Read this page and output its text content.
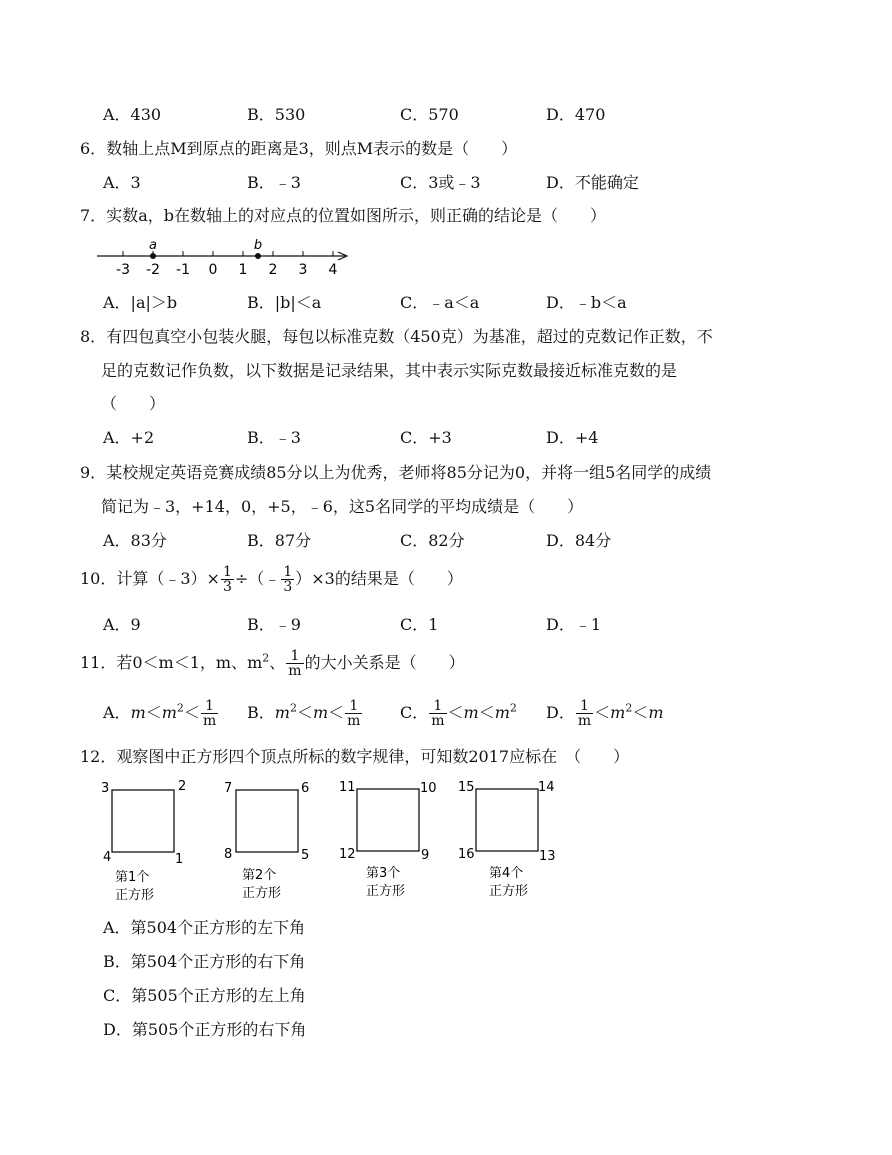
A．430	B．530	C．570	D．470
6．数轴上点M到原点的距离是3，则点M表示的数是（　　）
A．3	B．﹣3	C．3或﹣3	D．不能确定
7．实数a，b在数轴上的对应点的位置如图所示，则正确的结论是（　　）
-3 -2 -1 0 1 2 3 4
a	b
A．|a|＞b	B．|b|＜a	C．﹣a＜a	D．﹣b＜a
8．有四包真空小包装火腿，每包以标准克数（450克）为基准，超过的克数记作正数，不
足的克数记作负数，以下数据是记录结果，其中表示实际克数最接近标准克数的是
（　　）
A．+2	B．﹣3	C．+3	D．+4
9．某校规定英语竞赛成绩85分以上为优秀，老师将85分记为0，并将一组5名同学的成绩
简记为﹣3，+14，0，+5，﹣6，这5名同学的平均成绩是（　　）
A．83分	B．87分	C．82分	D．84分
10．计算（﹣3）× $\frac{1}{3}$ ÷（﹣ $\frac{1}{3} )\times 3$的结果是（　　）
A．9	B．﹣9	C．1	D．﹣1
11．若0＜m＜1，m、$m^2$、 $\frac{1}{m}$ 的大小关系是（　　）
A．$m<m^2< \frac{1}{m}$ B．$m^2<m< \frac{1}{m}$ C． $\frac{1}{m} <m<m^2$ D． $\frac{1}{m} <m^2<m$
12．观察图中正方形四个顶点所标的数字规律，可知数2017应标在　（　　）
3	2
4	1
第1个
正方形
7	6
8	5
第2个
正方形
11	10
12	9
第3个
正方形
15	14
16	13
第4个
正方形
A．第504个正方形的左下角
B．第504个正方形的右下角
C．第505个正方形的左上角
D．第505个正方形的右下角
